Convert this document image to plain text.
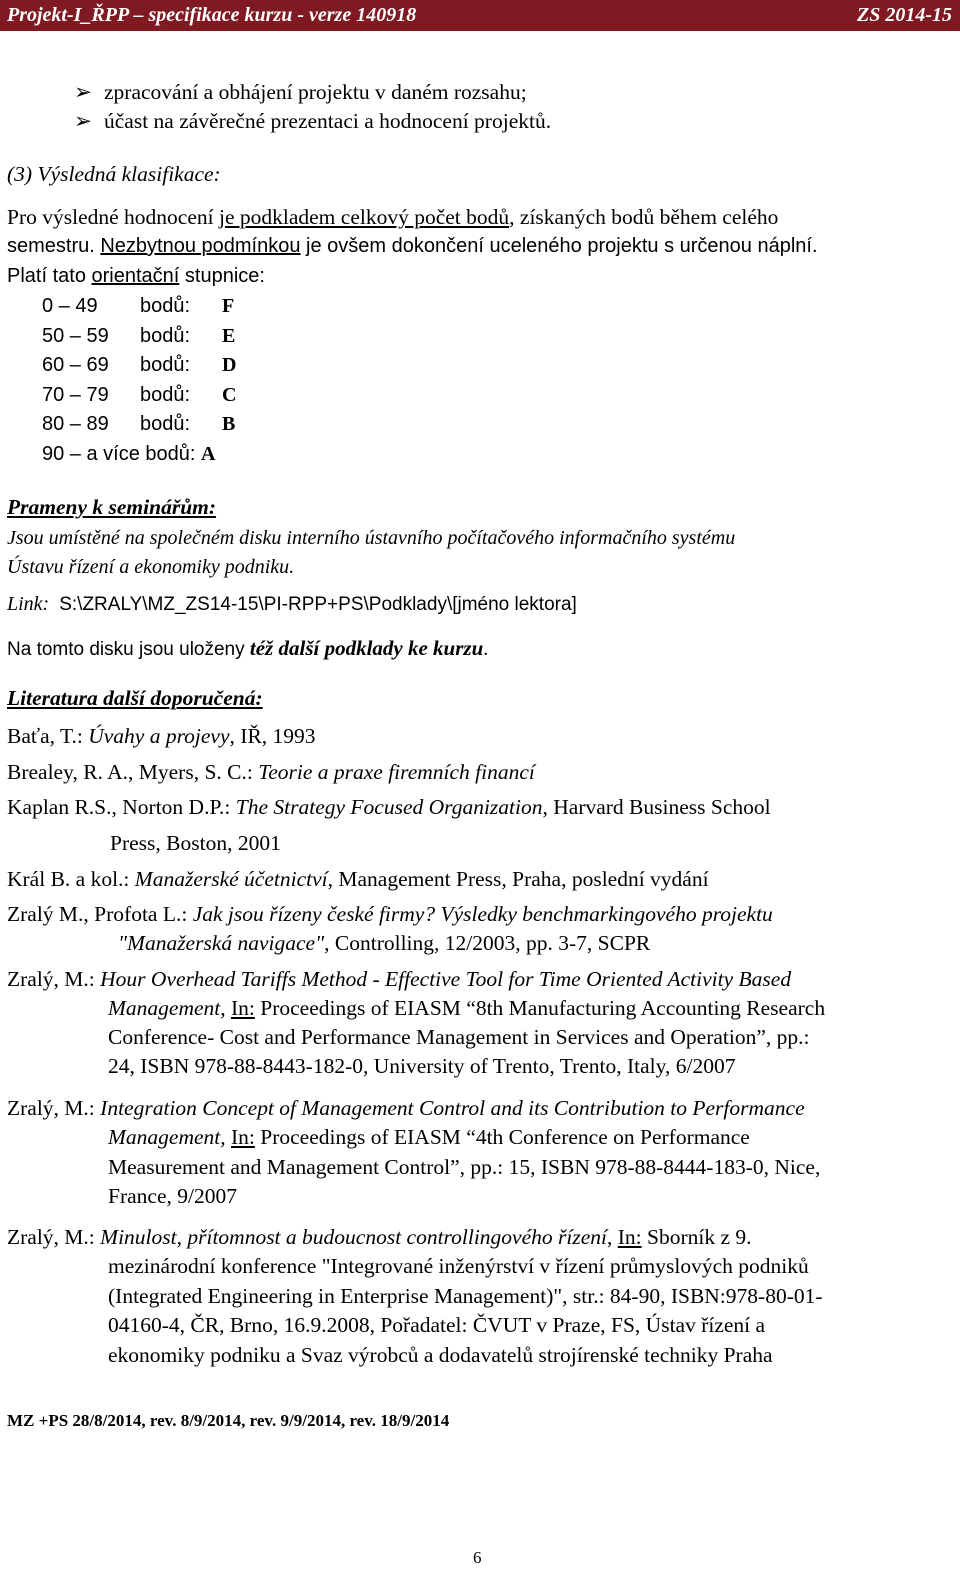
Projekt-I_ŘPP – specifikace kurzu - verze 140918	ZS 2014-15
➢ zpracování a obhájení projektu v daném rozsahu;
➢ účast na závěrečné prezentaci a hodnocení projektů.
(3) Výsledná klasifikace:
Pro výsledné hodnocení je podkladem celkový počet bodů, získaných bodů během celého
semestru. Nezbytnou podmínkou je ovšem dokončení uceleného projektu s určenou náplní.
Platí tato orientační stupnice:
0 – 49 bodů: F
50 – 59 bodů: E
60 – 69 bodů: D
70 – 79 bodů: C
80 – 89 bodů: B
90 – a více bodů: A
Prameny k seminářům:
Jsou umístěné na společném disku interního ústavního počítačového informačního systému
Ústavu řízení a ekonomiky podniku.
Link: S:\ZRALY\MZ_ZS14-15\PI-RPP+PS\Podklady\[jméno lektora]
Na tomto disku jsou uloženy též další podklady ke kurzu.
Literatura další doporučená:
Baťa, T.: Úvahy a projevy, IŘ, 1993
Brealey, R. A., Myers, S. C.: Teorie a praxe firemních financí
Kaplan R.S., Norton D.P.: The Strategy Focused Organization, Harvard Business School
Press, Boston, 2001
Král B. a kol.: Manažerské účetnictví, Management Press, Praha, poslední vydání
Zralý M., Profota L.: Jak jsou řízeny české firmy? Výsledky benchmarkingového projektu
"Manažerská navigace", Controlling, 12/2003, pp. 3-7, SCPR
Zralý, M.: Hour Overhead Tariffs Method - Effective Tool for Time Oriented Activity Based
Management, In: Proceedings of EIASM “8th Manufacturing Accounting Research
Conference- Cost and Performance Management in Services and Operation”, pp.:
24, ISBN 978-88-8443-182-0, University of Trento, Trento, Italy, 6/2007
Zralý, M.: Integration Concept of Management Control and its Contribution to Performance
Management, In: Proceedings of EIASM “4th Conference on Performance
Measurement and Management Control”, pp.: 15, ISBN 978-88-8444-183-0, Nice,
France, 9/2007
Zralý, M.: Minulost, přítomnost a budoucnost controllingového řízení, In: Sborník z 9.
mezinárodní konference "Integrované inženýrství v řízení průmyslových podniků
(Integrated Engineering in Enterprise Management)", str.: 84-90, ISBN:978-80-01-
04160-4, ČR, Brno, 16.9.2008, Pořadatel: ČVUT v Praze, FS, Ústav řízení a
ekonomiky podniku a Svaz výrobců a dodavatelů strojírenské techniky Praha
MZ +PS 28/8/2014, rev. 8/9/2014, rev. 9/9/2014, rev. 18/9/2014
6
